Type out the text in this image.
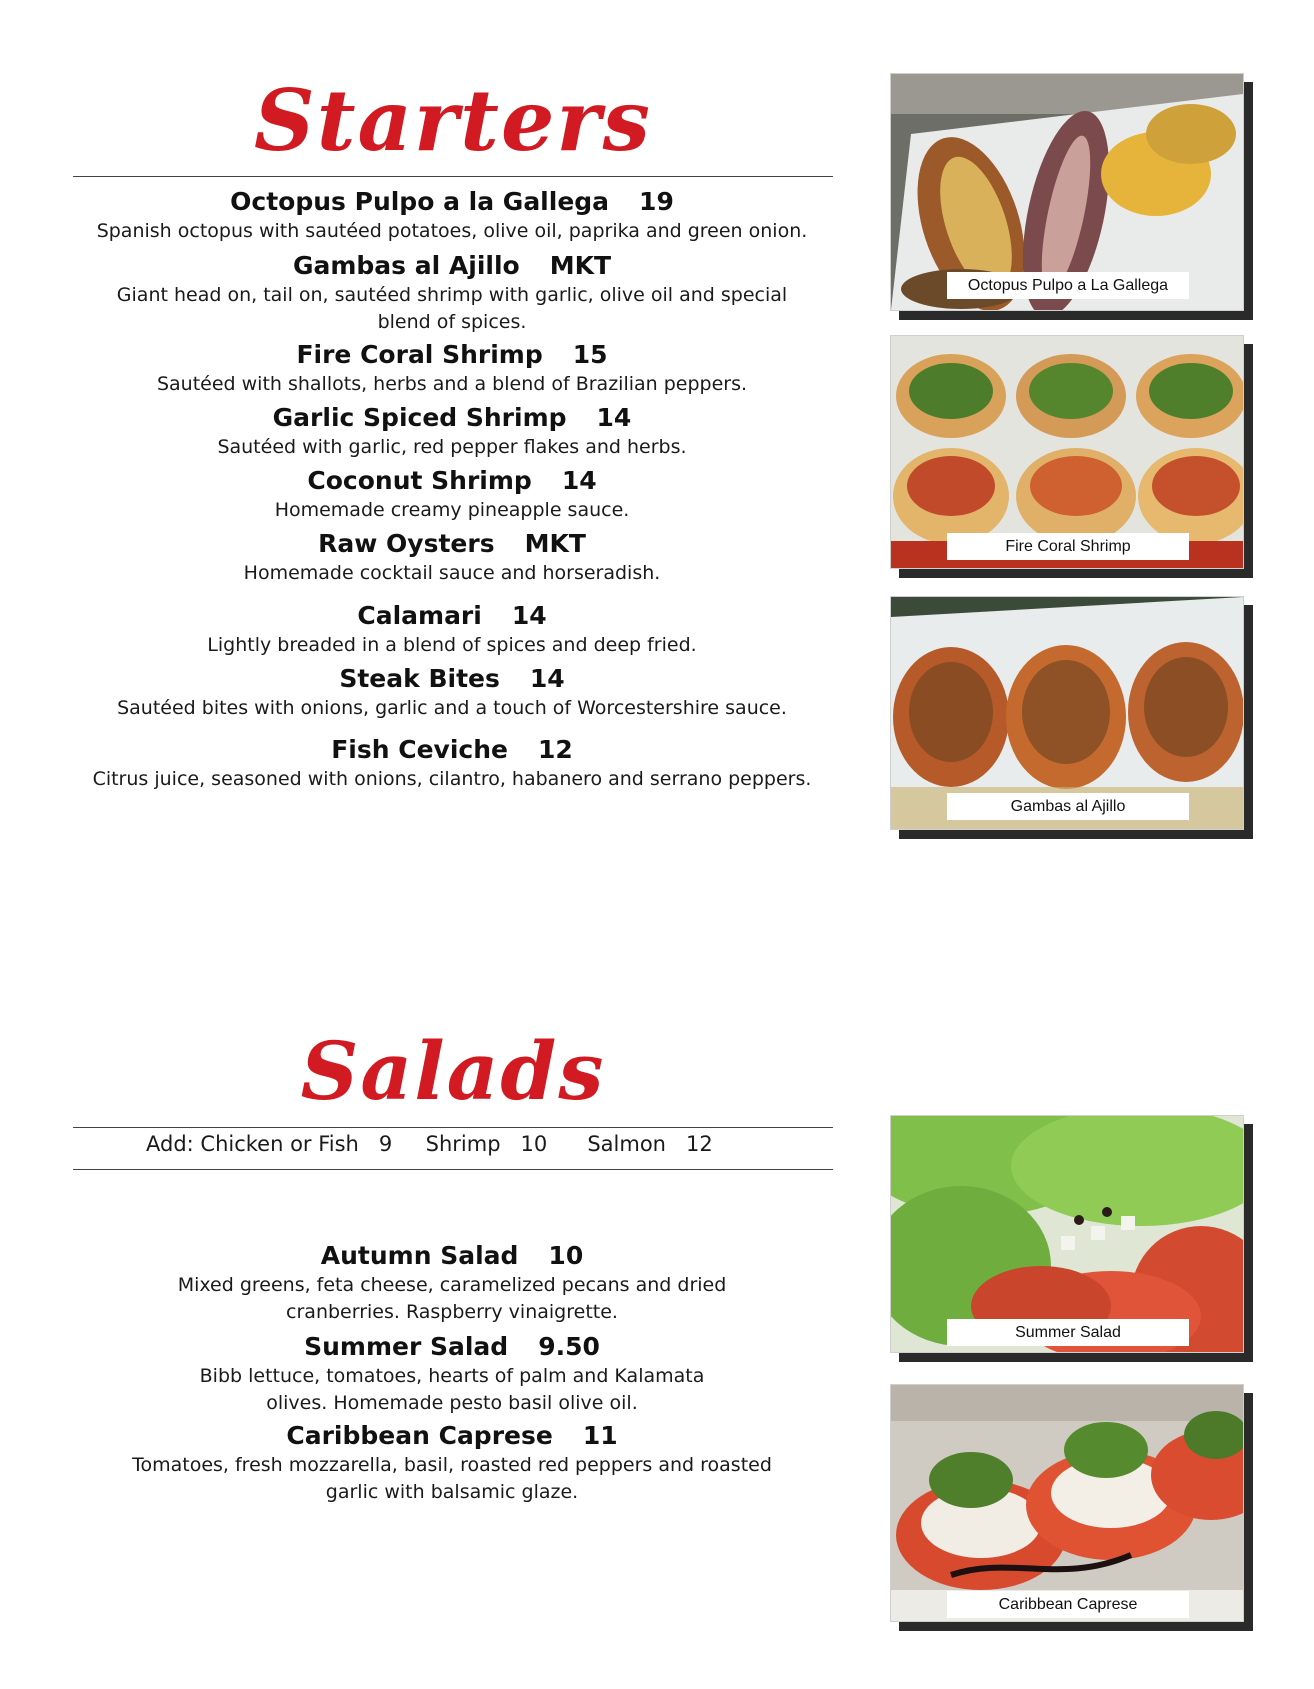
Starters
Octopus Pulpo a la Gallega 19
Spanish octopus with sautéed potatoes, olive oil, paprika and green onion.
Gambas al Ajillo MKT
Giant head on, tail on, sautéed shrimp with garlic, olive oil and special blend of spices.
Fire Coral Shrimp 15
Sautéed with shallots, herbs and a blend of Brazilian peppers.
Garlic Spiced Shrimp 14
Sautéed with garlic, red pepper flakes and herbs.
Coconut Shrimp 14
Homemade creamy pineapple sauce.
Raw Oysters MKT
Homemade cocktail sauce and horseradish.
Calamari 14
Lightly breaded in a blend of spices and deep fried.
Steak Bites 14
Sautéed bites with onions, garlic and a touch of Worcestershire sauce.
Fish Ceviche 12
Citrus juice, seasoned with onions, cilantro, habanero and serrano peppers.
Salads
Add: Chicken or Fish   9     Shrimp   10      Salmon   12
Autumn Salad 10
Mixed greens, feta cheese, caramelized pecans and dried cranberries. Raspberry vinaigrette.
Summer Salad 9.50
Bibb lettuce, tomatoes, hearts of palm and Kalamata olives. Homemade pesto basil olive oil.
Caribbean Caprese 11
Tomatoes, fresh mozzarella, basil, roasted red peppers and roasted garlic with balsamic glaze.
Octopus Pulpo a La Gallega
Fire Coral Shrimp
Gambas al Ajillo
Summer Salad
Caribbean Caprese
